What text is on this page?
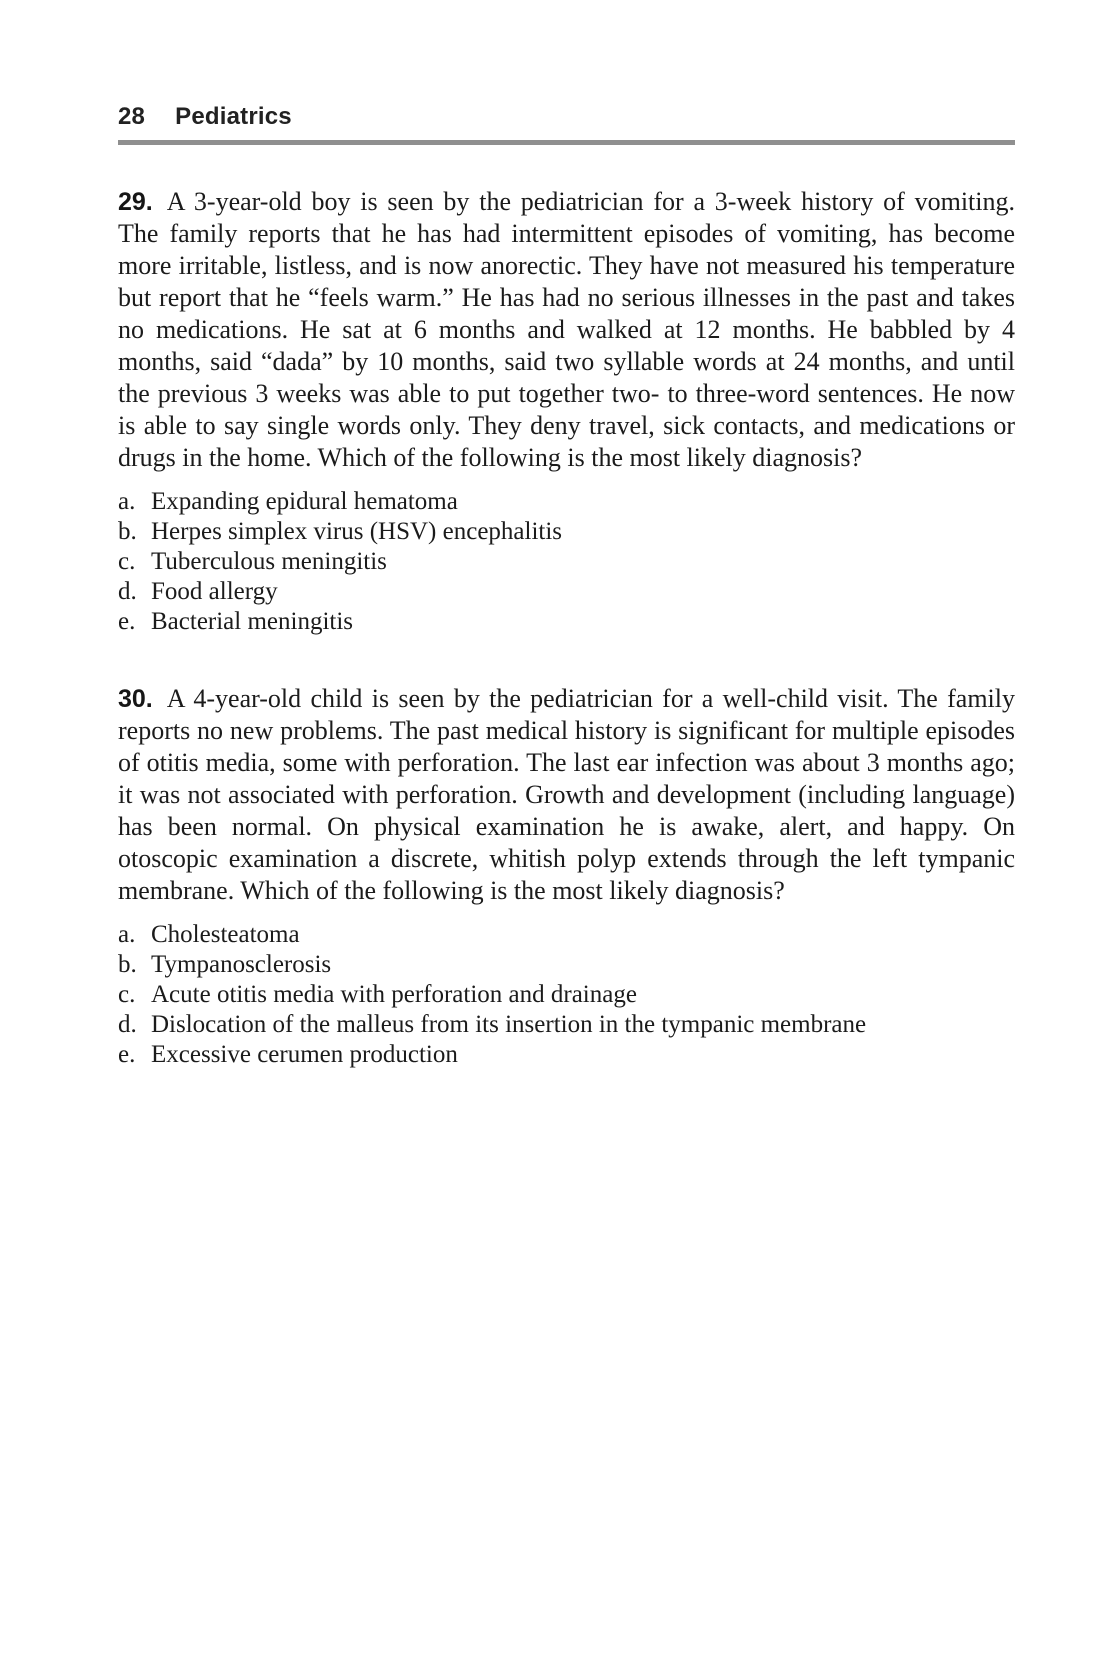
28 Pediatrics

29. A 3-year-old boy is seen by the pediatrician for a 3-week history of vomiting. The family reports that he has had intermittent episodes of vomiting, has become more irritable, listless, and is now anorectic. They have not measured his temperature but report that he “feels warm.” He has had no serious illnesses in the past and takes no medications. He sat at 6 months and walked at 12 months. He babbled by 4 months, said “dada” by 10 months, said two syllable words at 24 months, and until the previous 3 weeks was able to put together two- to three-word sentences. He now is able to say single words only. They deny travel, sick contacts, and medications or drugs in the home. Which of the following is the most likely diagnosis?

a. Expanding epidural hematoma
b. Herpes simplex virus (HSV) encephalitis
c. Tuberculous meningitis
d. Food allergy
e. Bacterial meningitis

30. A 4-year-old child is seen by the pediatrician for a well-child visit. The family reports no new problems. The past medical history is significant for multiple episodes of otitis media, some with perforation. The last ear infection was about 3 months ago; it was not associated with perforation. Growth and development (including language) has been normal. On physical examination he is awake, alert, and happy. On otoscopic examination a discrete, whitish polyp extends through the left tympanic membrane. Which of the following is the most likely diagnosis?

a. Cholesteatoma
b. Tympanosclerosis
c. Acute otitis media with perforation and drainage
d. Dislocation of the malleus from its insertion in the tympanic membrane
e. Excessive cerumen production
